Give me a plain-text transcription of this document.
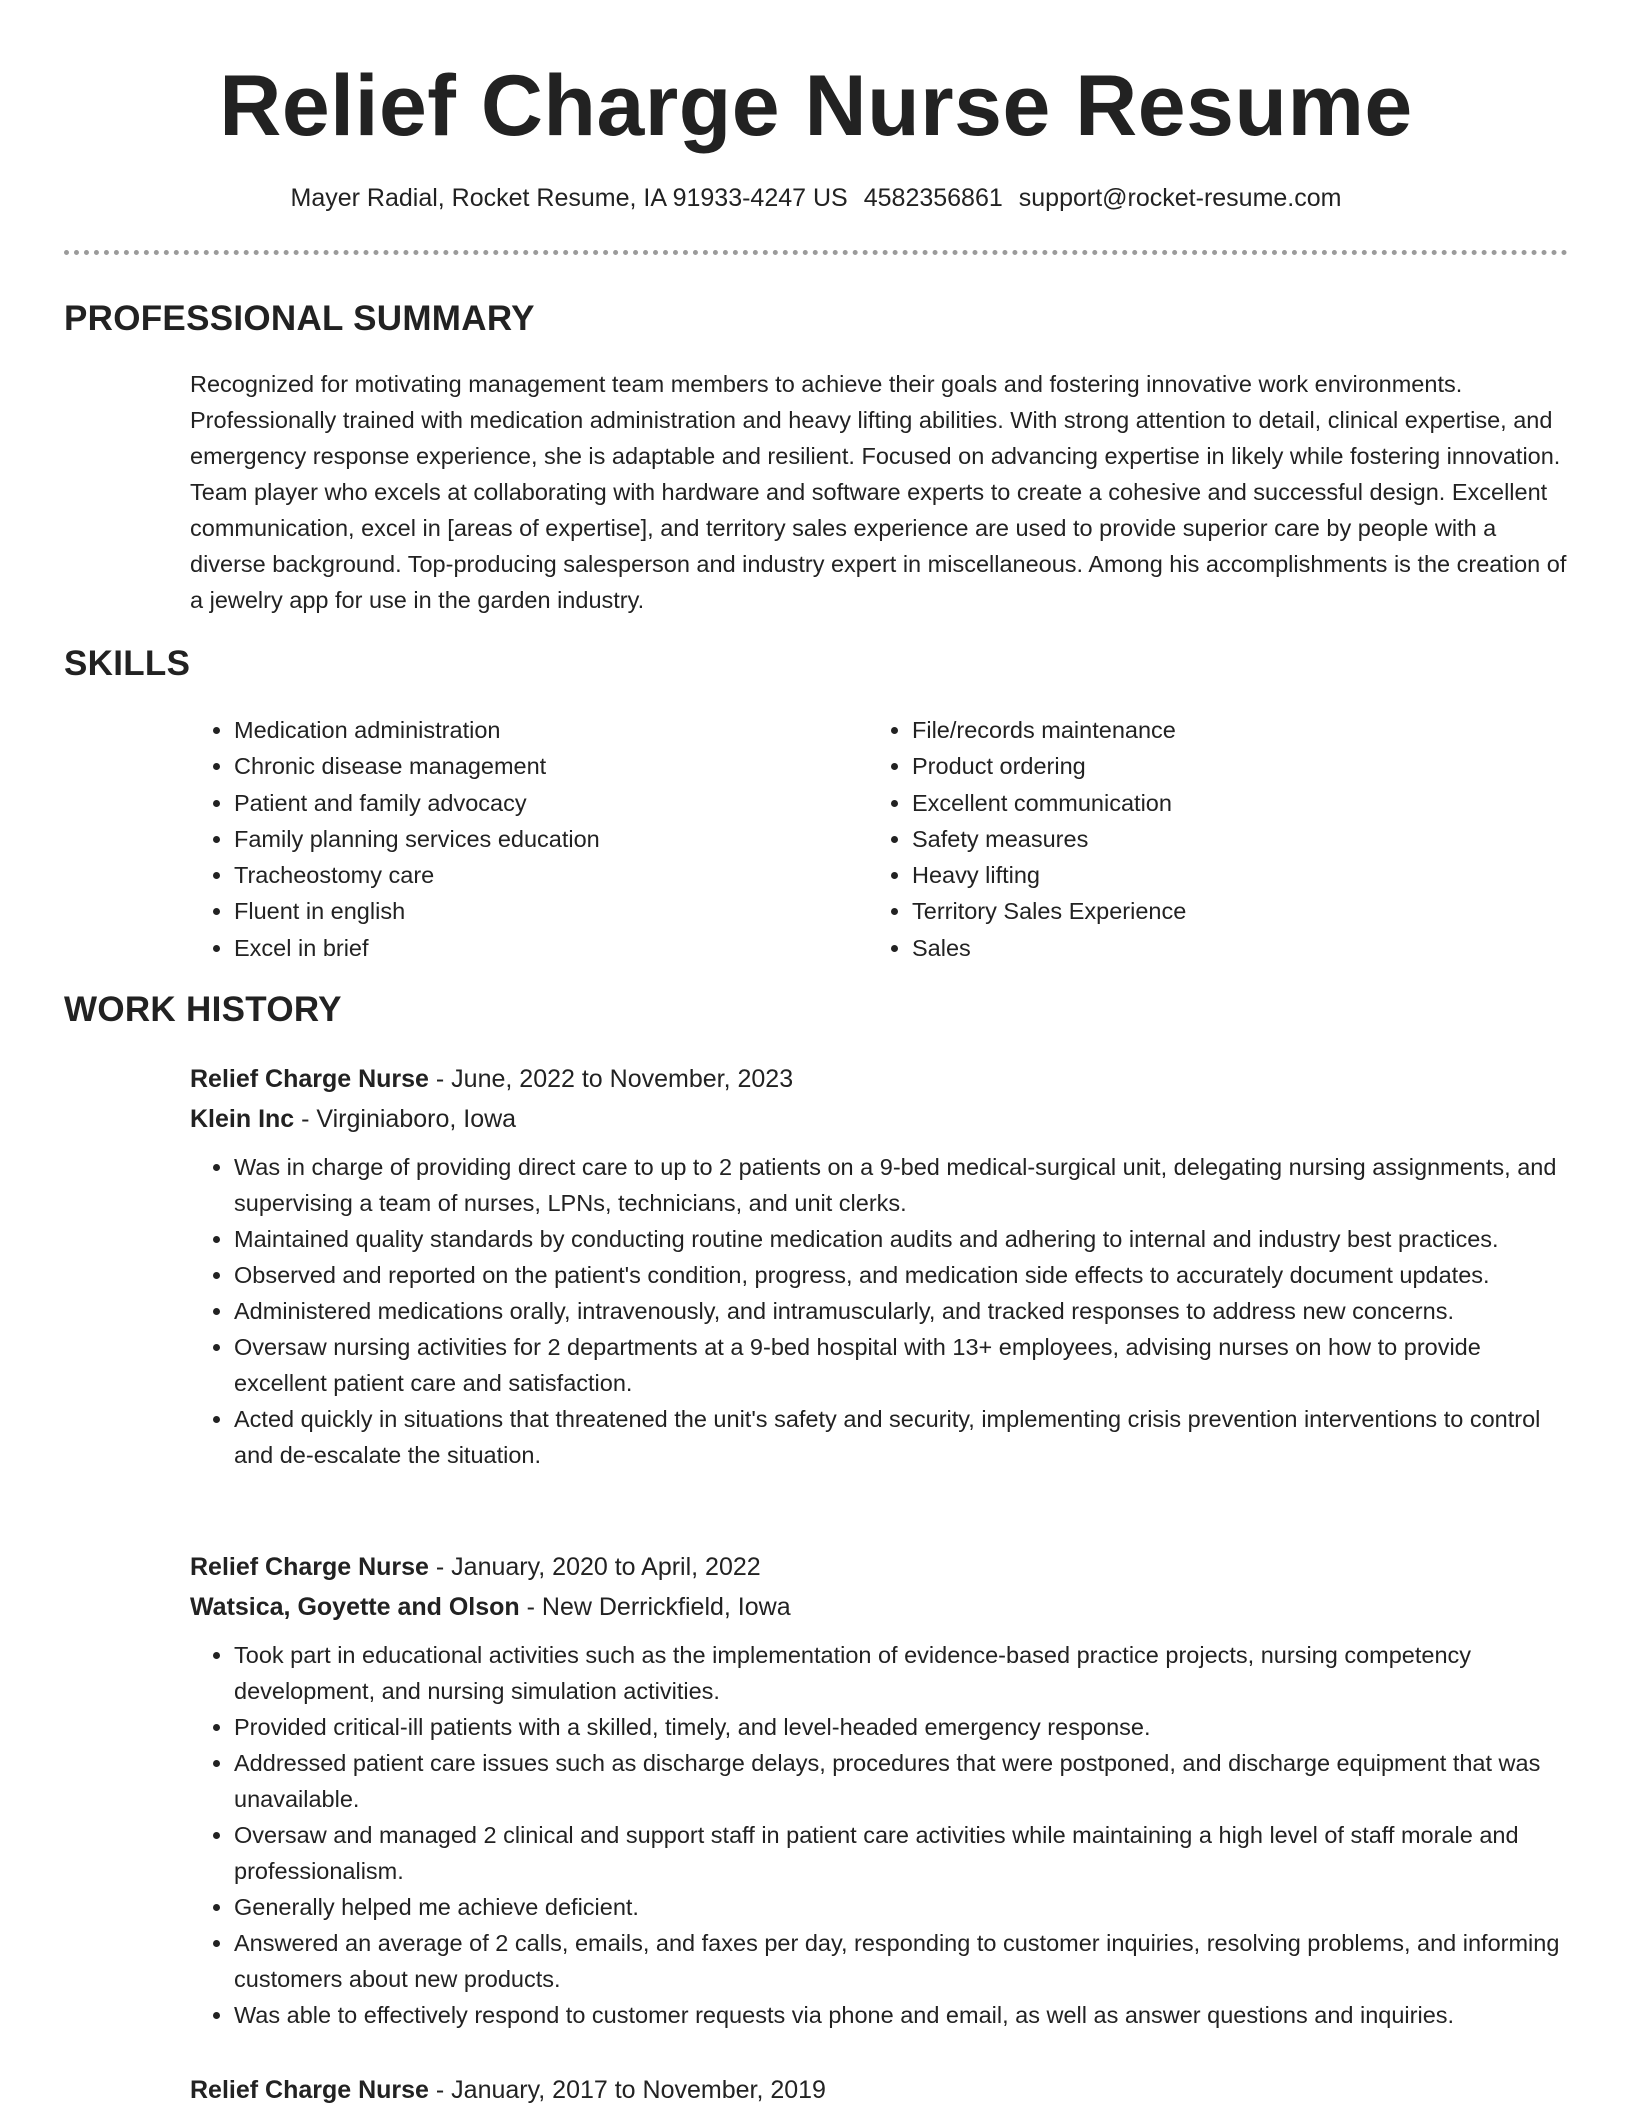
Relief Charge Nurse Resume
Mayer Radial, Rocket Resume, IA 91933-4247 US 4582356861 support@rocket-resume.com
PROFESSIONAL SUMMARY
Recognized for motivating management team members to achieve their goals and fostering innovative work environments. Professionally trained with medication administration and heavy lifting abilities. With strong attention to detail, clinical expertise, and emergency response experience, she is adaptable and resilient. Focused on advancing expertise in likely while fostering innovation. Team player who excels at collaborating with hardware and software experts to create a cohesive and successful design. Excellent communication, excel in [areas of expertise], and territory sales experience are used to provide superior care by people with a diverse background. Top-producing salesperson and industry expert in miscellaneous. Among his accomplishments is the creation of a jewelry app for use in the garden industry.
SKILLS
• Medication administration
• Chronic disease management
• Patient and family advocacy
• Family planning services education
• Tracheostomy care
• Fluent in english
• Excel in brief
• File/records maintenance
• Product ordering
• Excellent communication
• Safety measures
• Heavy lifting
• Territory Sales Experience
• Sales
WORK HISTORY
Relief Charge Nurse - June, 2022 to November, 2023
Klein Inc - Virginiaboro, Iowa
• Was in charge of providing direct care to up to 2 patients on a 9-bed medical-surgical unit, delegating nursing assignments, and supervising a team of nurses, LPNs, technicians, and unit clerks.
• Maintained quality standards by conducting routine medication audits and adhering to internal and industry best practices.
• Observed and reported on the patient's condition, progress, and medication side effects to accurately document updates.
• Administered medications orally, intravenously, and intramuscularly, and tracked responses to address new concerns.
• Oversaw nursing activities for 2 departments at a 9-bed hospital with 13+ employees, advising nurses on how to provide excellent patient care and satisfaction.
• Acted quickly in situations that threatened the unit's safety and security, implementing crisis prevention interventions to control and de-escalate the situation.
Relief Charge Nurse - January, 2020 to April, 2022
Watsica, Goyette and Olson - New Derrickfield, Iowa
• Took part in educational activities such as the implementation of evidence-based practice projects, nursing competency development, and nursing simulation activities.
• Provided critical-ill patients with a skilled, timely, and level-headed emergency response.
• Addressed patient care issues such as discharge delays, procedures that were postponed, and discharge equipment that was unavailable.
• Oversaw and managed 2 clinical and support staff in patient care activities while maintaining a high level of staff morale and professionalism.
• Generally helped me achieve deficient.
• Answered an average of 2 calls, emails, and faxes per day, responding to customer inquiries, resolving problems, and informing customers about new products.
• Was able to effectively respond to customer requests via phone and email, as well as answer questions and inquiries.
Relief Charge Nurse - January, 2017 to November, 2019
